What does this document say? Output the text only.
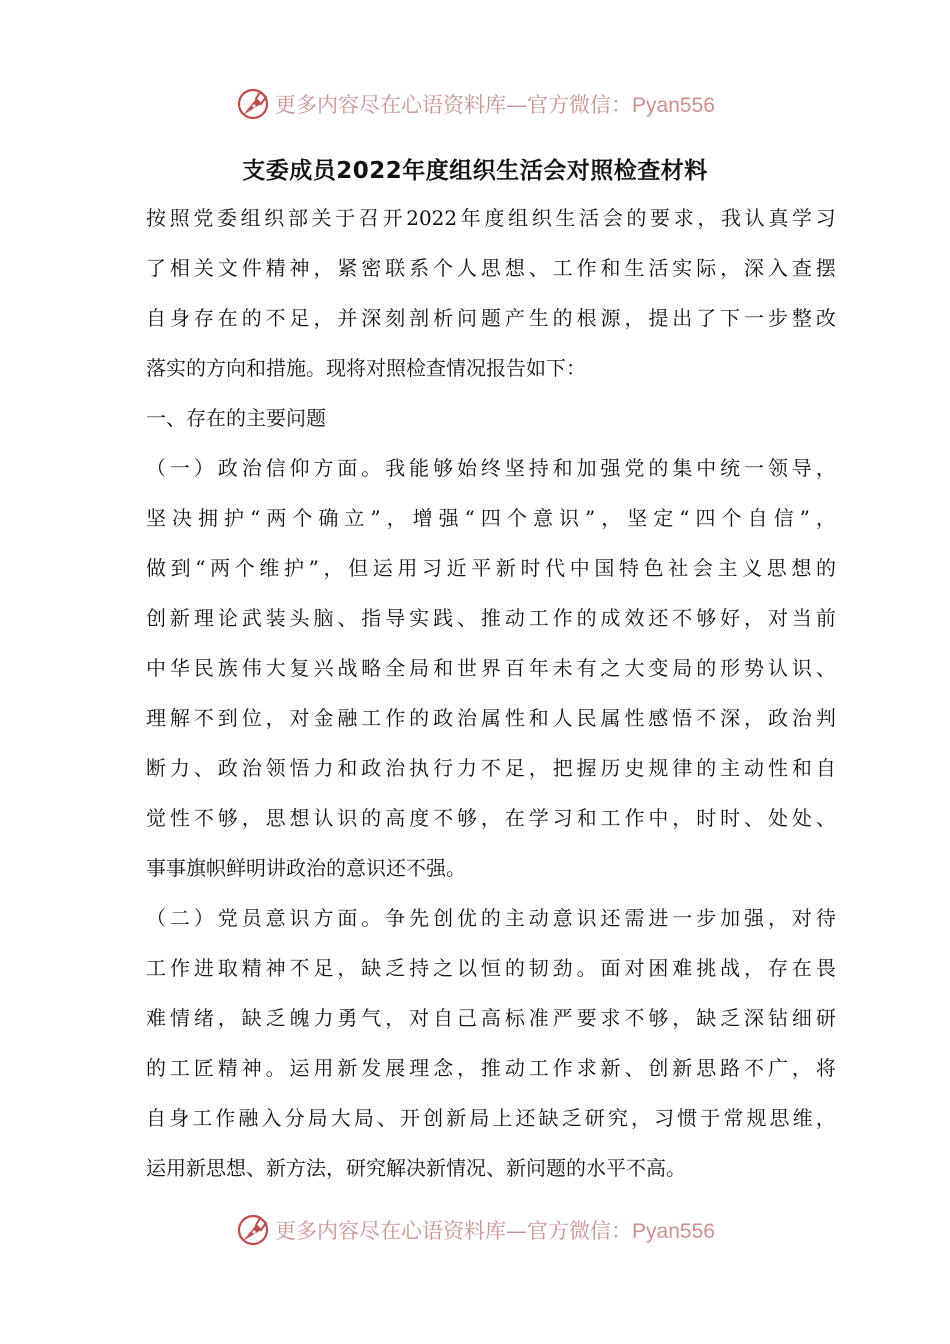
更多内容尽在心语资料库—官方微信：Pyan556
支委成员2022年度组织生活会对照检查材料
按 照 党 委 组 织 部 关 于 召 开 2022 年 度 组 织 生 活 会 的 要 求 ， 我 认 真 学 习
了 相 关 文 件 精 神 ， 紧 密 联 系 个 人 思 想 、 工 作 和 生 活 实 际 ， 深 入 查 摆
自 身 存 在 的 不 足 ， 并 深 刻 剖 析 问 题 产 生 的 根 源 ， 提 出 了 下 一 步 整 改
落实的方向和措施。现将对照检查情况报告如下：
一、存在的主要问题
（ 一 ） 政 治 信 仰 方 面 。 我 能 够 始 终 坚 持 和 加 强 党 的 集 中 统 一 领 导 ，
坚 决 拥 护 “ 两 个 确 立 ” ， 增 强 “ 四 个 意 识 ” ， 坚 定 “ 四 个 自 信 ” ，
做 到 “ 两 个 维 护 ” ， 但 运 用 习 近 平 新 时 代 中 国 特 色 社 会 主 义 思 想 的
创 新 理 论 武 装 头 脑 、 指 导 实 践 、 推 动 工 作 的 成 效 还 不 够 好 ， 对 当 前
中 华 民 族 伟 大 复 兴 战 略 全 局 和 世 界 百 年 未 有 之 大 变 局 的 形 势 认 识 、
理 解 不 到 位 ， 对 金 融 工 作 的 政 治 属 性 和 人 民 属 性 感 悟 不 深 ， 政 治 判
断 力 、 政 治 领 悟 力 和 政 治 执 行 力 不 足 ， 把 握 历 史 规 律 的 主 动 性 和 自
觉 性 不 够 ， 思 想 认 识 的 高 度 不 够 ， 在 学 习 和 工 作 中 ， 时 时 、 处 处 、
事事旗帜鲜明讲政治的意识还不强。
（ 二 ） 党 员 意 识 方 面 。 争 先 创 优 的 主 动 意 识 还 需 进 一 步 加 强 ， 对 待
工 作 进 取 精 神 不 足 ， 缺 乏 持 之 以 恒 的 韧 劲 。 面 对 困 难 挑 战 ， 存 在 畏
难 情 绪 ， 缺 乏 魄 力 勇 气 ， 对 自 己 高 标 准 严 要 求 不 够 ， 缺 乏 深 钻 细 研
的 工 匠 精 神 。 运 用 新 发 展 理 念 ， 推 动 工 作 求 新 、 创 新 思 路 不 广 ， 将
自 身 工 作 融 入 分 局 大 局 、 开 创 新 局 上 还 缺 乏 研 究 ， 习 惯 于 常 规 思 维 ，
运用新思想、新方法，研究解决新情况、新问题的水平不高。
更多内容尽在心语资料库—官方微信：Pyan556
